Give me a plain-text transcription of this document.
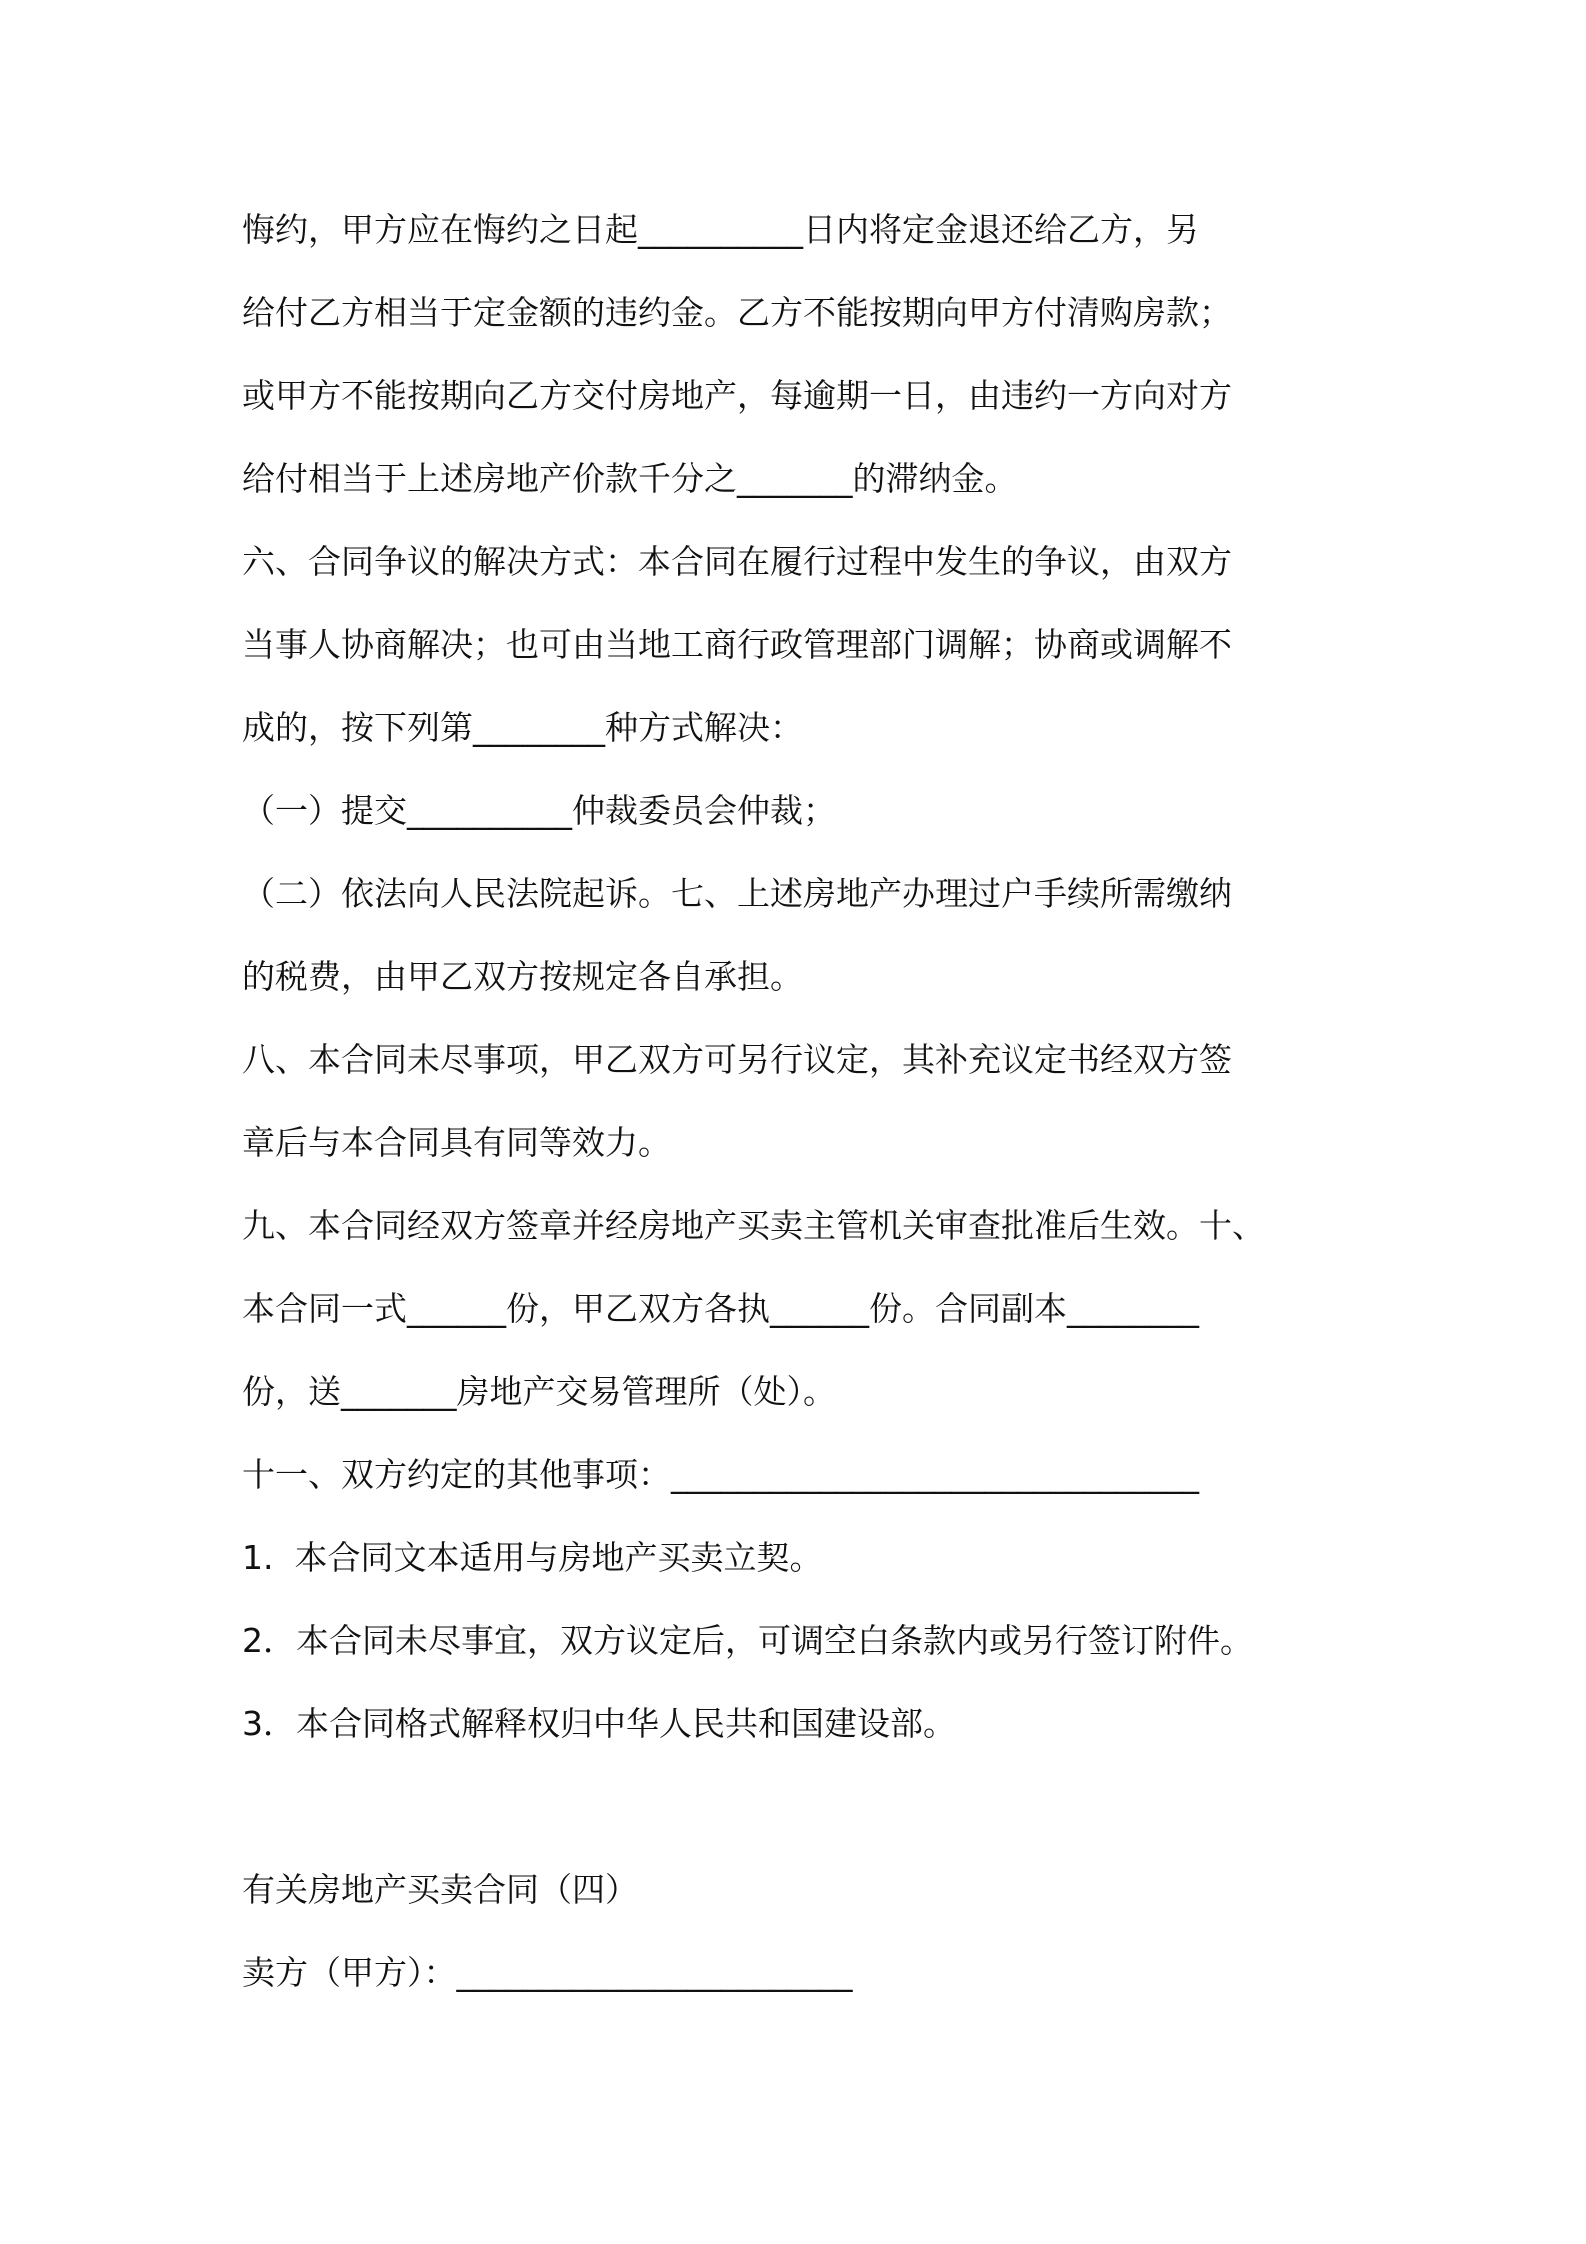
悔约，甲方应在悔约之日起__________日内将定金退还给乙方，另
给付乙方相当于定金额的违约金。乙方不能按期向甲方付清购房款；
或甲方不能按期向乙方交付房地产，每逾期一日，由违约一方向对方
给付相当于上述房地产价款千分之_______的滞纳金。
六、合同争议的解决方式：本合同在履行过程中发生的争议，由双方
当事人协商解决；也可由当地工商行政管理部门调解；协商或调解不
成的，按下列第________种方式解决：
（一）提交__________仲裁委员会仲裁；
（二）依法向人民法院起诉。七、上述房地产办理过户手续所需缴纳
的税费，由甲乙双方按规定各自承担。
八、本合同未尽事项，甲乙双方可另行议定，其补充议定书经双方签
章后与本合同具有同等效力。
九、本合同经双方签章并经房地产买卖主管机关审查批准后生效。十、
本合同一式______份，甲乙双方各执______份。合同副本________
份，送_______房地产交易管理所（处）。
十一、双方约定的其他事项：________________________________
1.  本合同文本适用与房地产买卖立契。
2．本合同未尽事宜，双方议定后，可调空白条款内或另行签订附件。
3．本合同格式解释权归中华人民共和国建设部。
有关房地产买卖合同（四）
卖方（甲方）：________________________
